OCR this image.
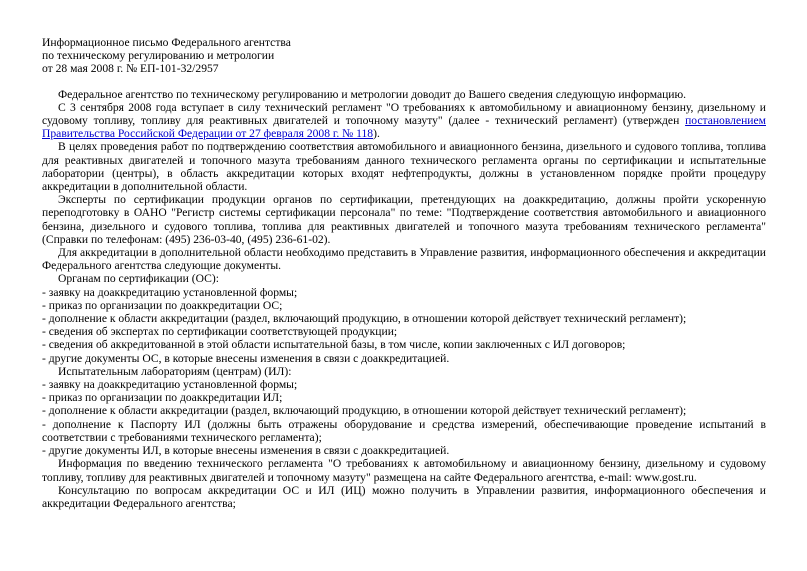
Информационное письмо Федерального агентства
по техническому регулированию и метрологии
от 28 мая 2008 г. № ЕП-101-32/2957

Федеральное агентство по техническому регулированию и метрологии доводит до Вашего сведения следующую информацию.

С 3 сентября 2008 года вступает в силу технический регламент "О требованиях к автомобильному и авиационному бензину, дизельному и судовому топливу, топливу для реактивных двигателей и топочному мазуту" (далее - технический регламент) (утвержден постановлением Правительства Российской Федерации от 27 февраля 2008 г. № 118).

В целях проведения работ по подтверждению соответствия автомобильного и авиационного бензина, дизельного и судового топлива, топлива для реактивных двигателей и топочного мазута требованиям данного технического регламента органы по сертификации и испытательные лаборатории (центры), в область аккредитации которых входят нефтепродукты, должны в установленном порядке пройти процедуру аккредитации в дополнительной области.

Эксперты по сертификации продукции органов по сертификации, претендующих на доаккредитацию, должны пройти ускоренную переподготовку в ОАНО "Регистр системы сертификации персонала" по теме: "Подтверждение соответствия автомобильного и авиационного бензина, дизельного и судового топлива, топлива для реактивных двигателей и топочного мазута требованиям технического регламента" (Справки по телефонам: (495) 236-03-40, (495) 236-61-02).

Для аккредитации в дополнительной области необходимо представить в Управление развития, информационного обеспечения и аккредитации Федерального агентства следующие документы.

Органам по сертификации (ОС):

- заявку на доаккредитацию установленной формы;

- приказ по организации по доаккредитации ОС;

- дополнение к области аккредитации (раздел, включающий продукцию, в отношении которой действует технический регламент);

- сведения об экспертах по сертификации соответствующей продукции;

- сведения об аккредитованной в этой области испытательной базы, в том числе, копии заключенных с ИЛ договоров;

- другие документы ОС, в которые внесены изменения в связи с доаккредитацией.

Испытательным лабораториям (центрам) (ИЛ):

- заявку на доаккредитацию установленной формы;

- приказ по организации по доаккредитации ИЛ;

- дополнение к области аккредитации (раздел, включающий продукцию, в отношении которой действует технический регламент);

- дополнение к Паспорту ИЛ (должны быть отражены оборудование и средства измерений, обеспечивающие проведение испытаний в соответствии с требованиями технического регламента);

- другие документы ИЛ, в которые внесены изменения в связи с доаккредитацией.

Информация по введению технического регламента "О требованиях к автомобильному и авиационному бензину, дизельному и судовому топливу, топливу для реактивных двигателей и топочному мазуту" размещена на сайте Федерального агентства, e-mail: www.gost.ru.

Консультацию по вопросам аккредитации ОС и ИЛ (ИЦ) можно получить в Управлении развития, информационного обеспечения и аккредитации Федерального агентства;
